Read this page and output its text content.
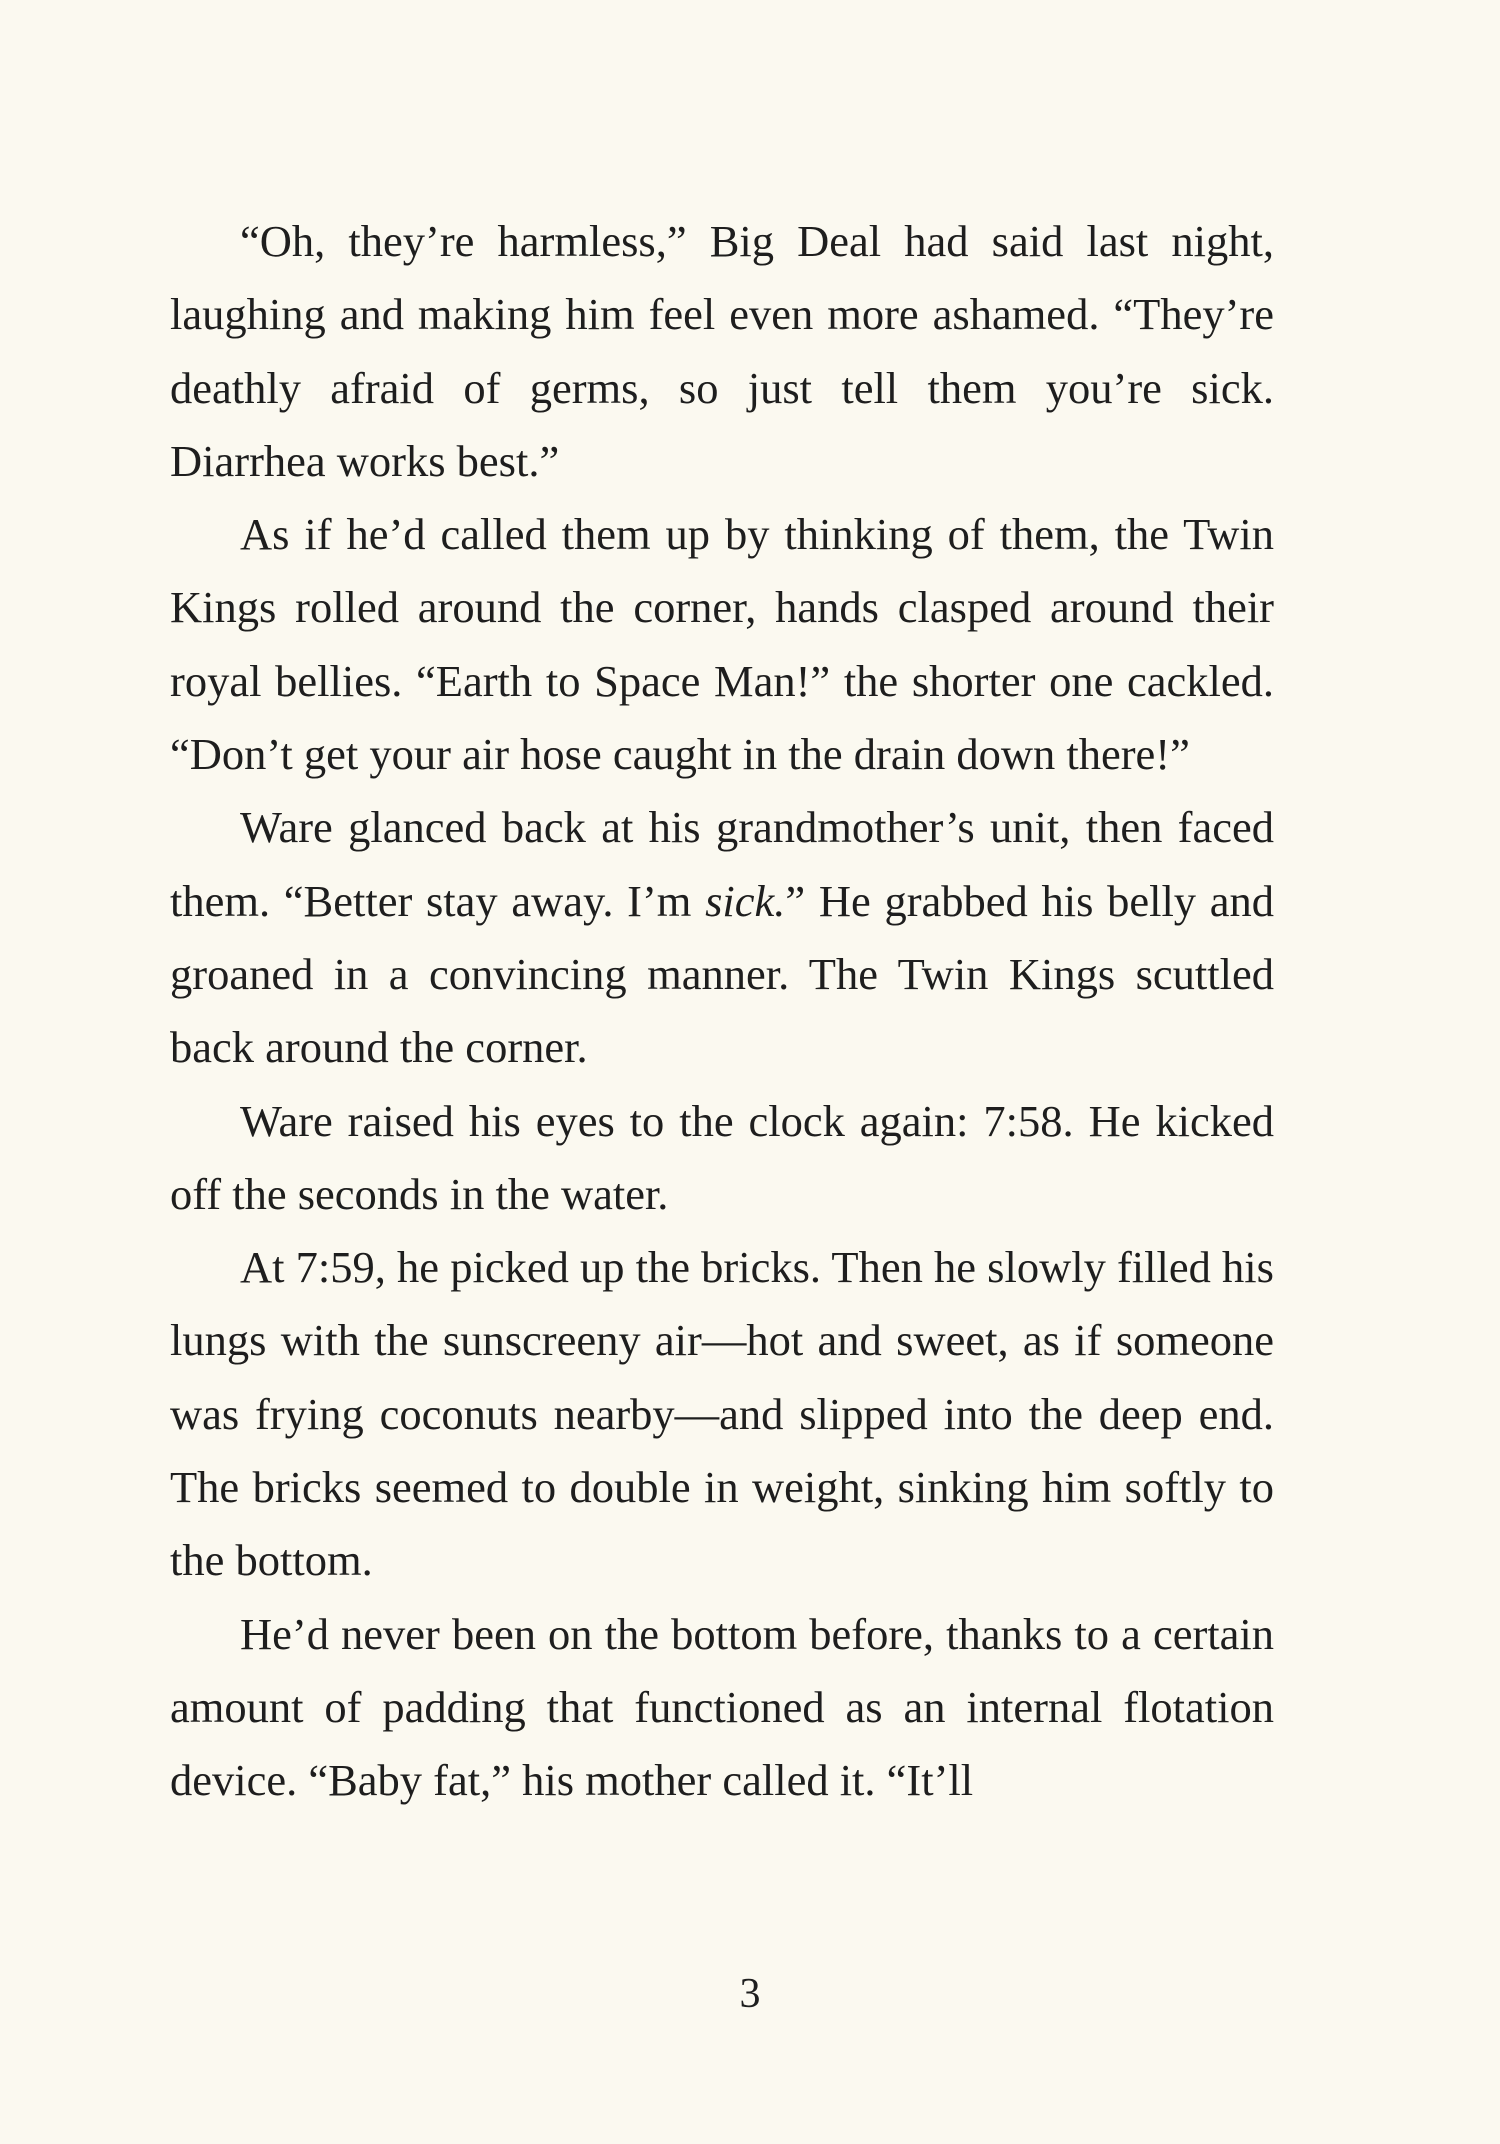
“Oh, they’re harmless,” Big Deal had said last night, laughing and making him feel even more ashamed. “They’re deathly afraid of germs, so just tell them you’re sick. Diarrhea works best.”

As if he’d called them up by thinking of them, the Twin Kings rolled around the corner, hands clasped around their royal bellies. “Earth to Space Man!” the shorter one cackled. “Don’t get your air hose caught in the drain down there!”

Ware glanced back at his grandmother’s unit, then faced them. “Better stay away. I’m sick.” He grabbed his belly and groaned in a convincing manner. The Twin Kings scuttled back around the corner.

Ware raised his eyes to the clock again: 7:58. He kicked off the seconds in the water.

At 7:59, he picked up the bricks. Then he slowly filled his lungs with the sunscreeny air—hot and sweet, as if someone was frying coconuts nearby—and slipped into the deep end. The bricks seemed to double in weight, sinking him softly to the bottom.

He’d never been on the bottom before, thanks to a certain amount of padding that functioned as an internal flotation device. “Baby fat,” his mother called it. “It’ll

3
